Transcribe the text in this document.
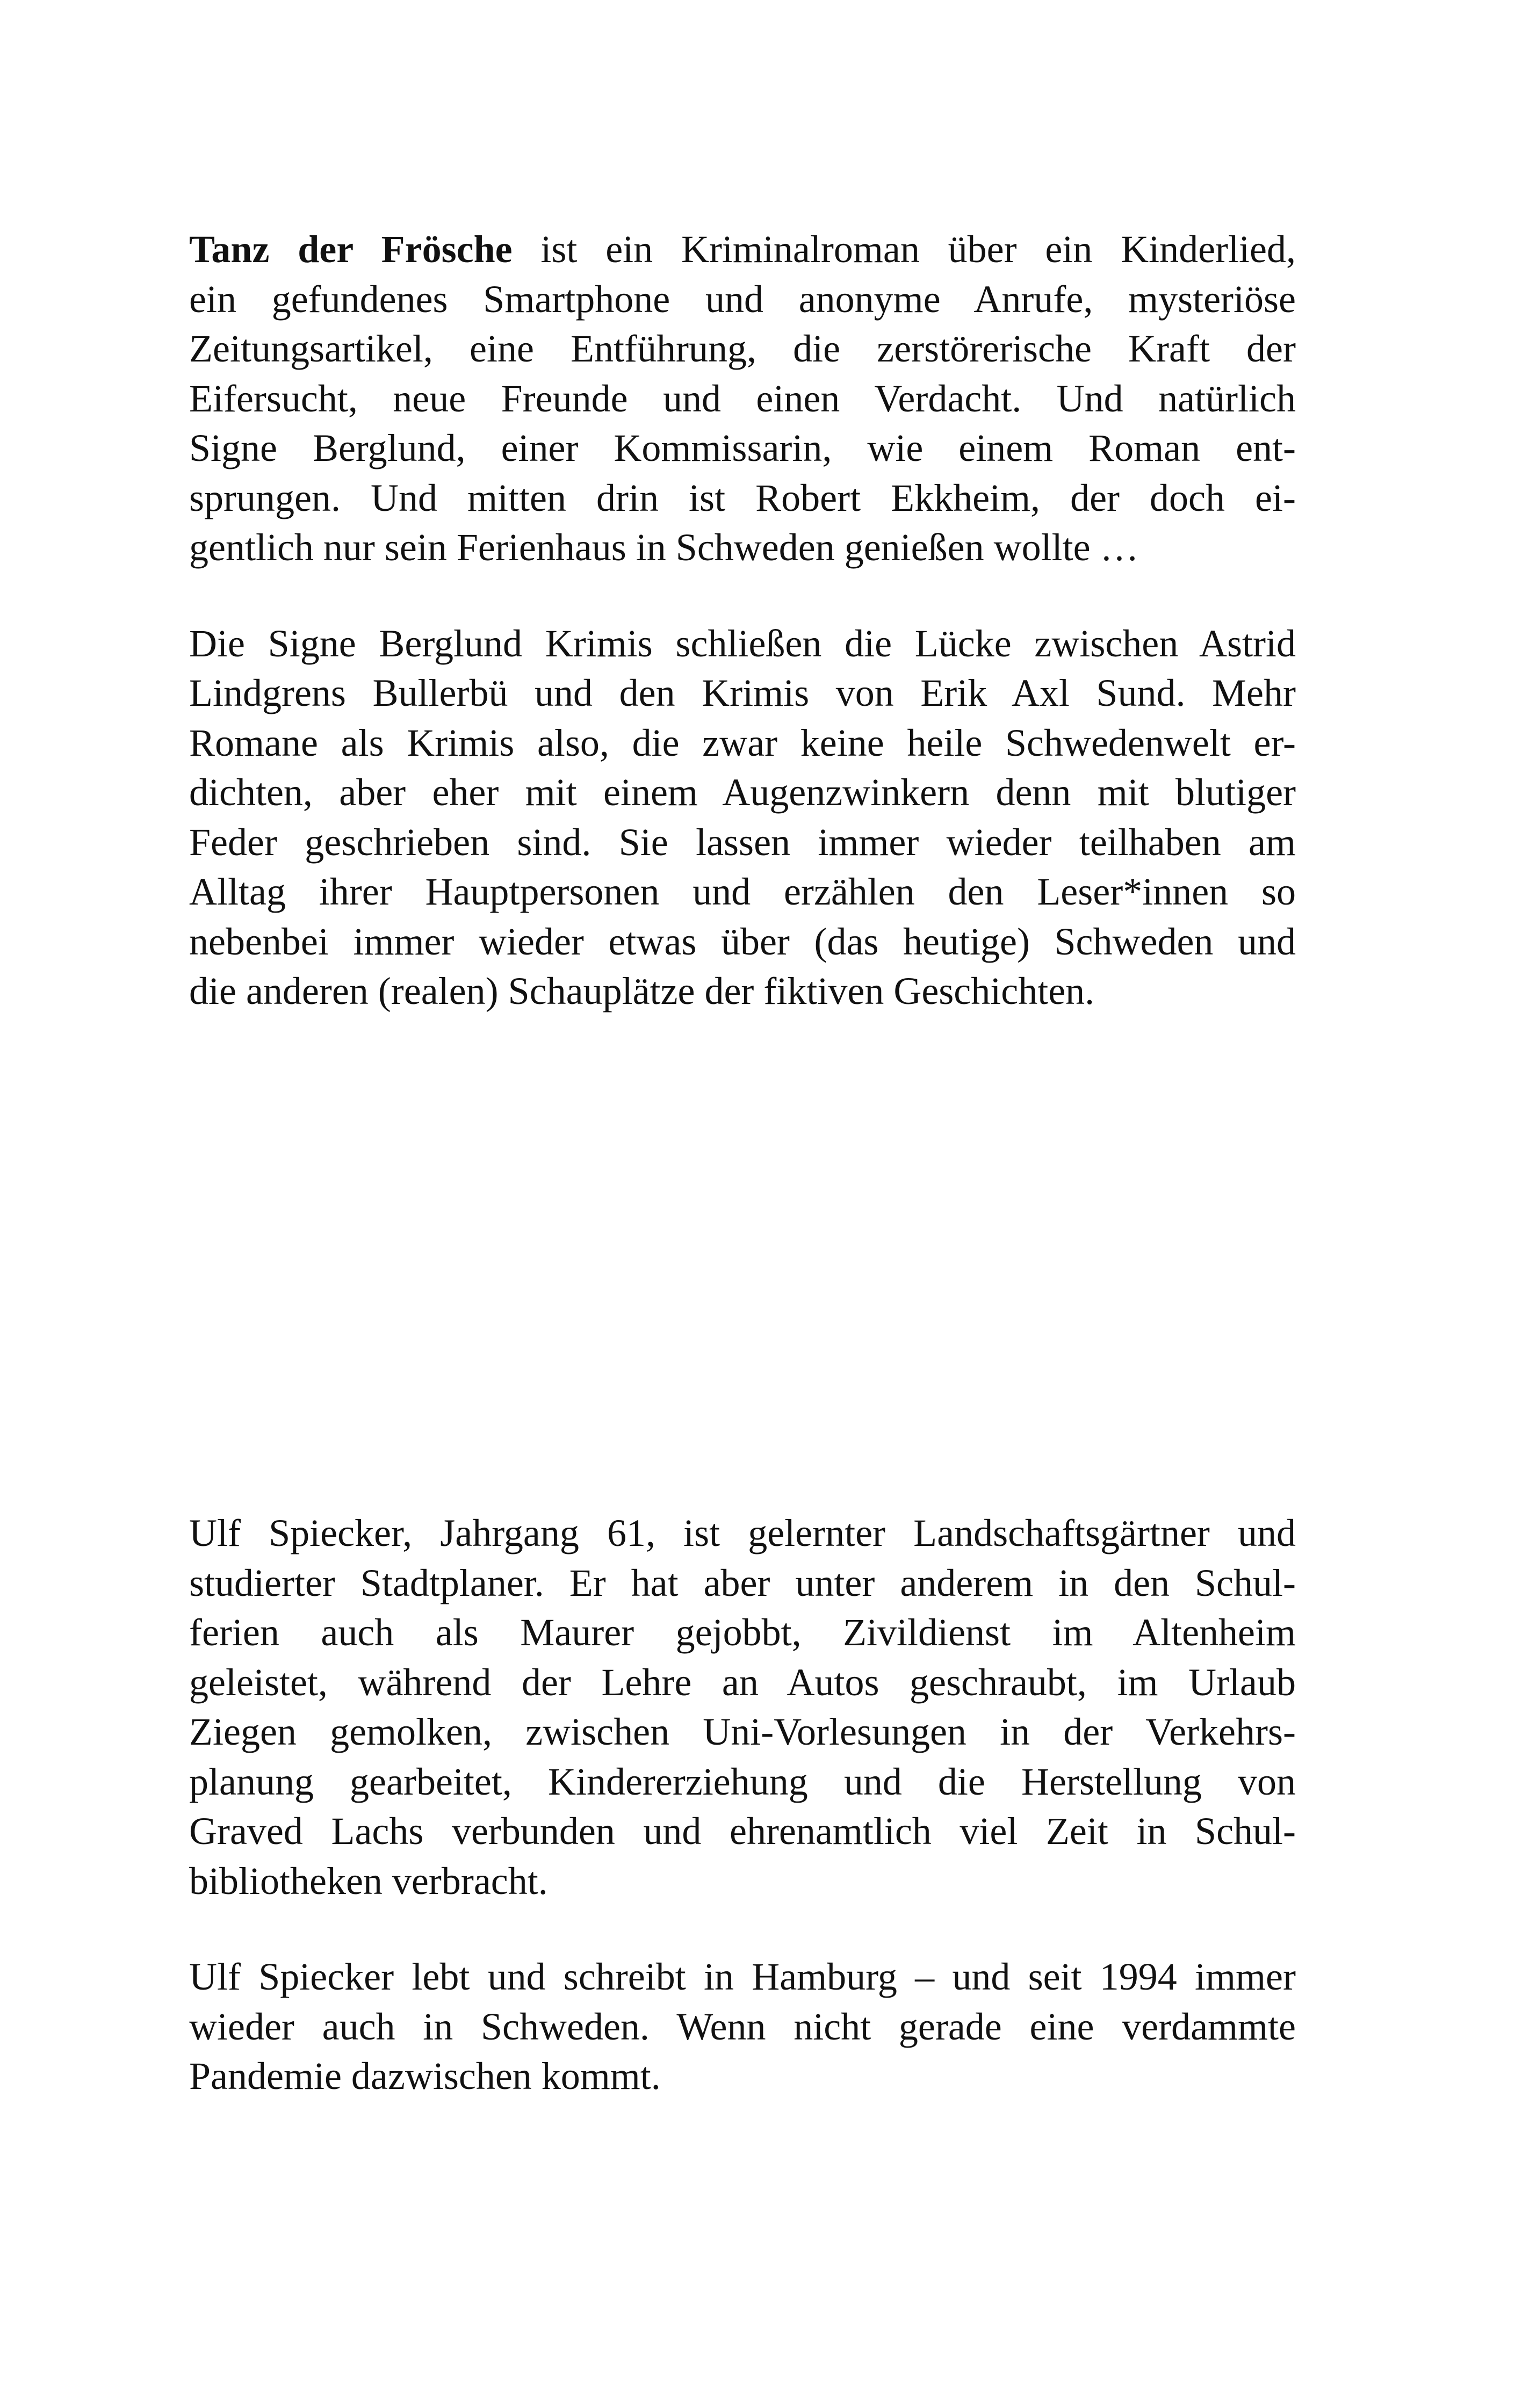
Tanz der Frösche ist ein Kriminalroman über ein Kinderlied,
ein gefundenes Smartphone und anonyme Anrufe, mysteriöse
Zeitungsartikel, eine Entführung, die zerstörerische Kraft der
Eifersucht, neue Freunde und einen Verdacht. Und natürlich
Signe Berglund, einer Kommissarin, wie einem Roman ent-
sprungen. Und mitten drin ist Robert Ekkheim, der doch ei-
gentlich nur sein Ferienhaus in Schweden genießen wollte …

Die Signe Berglund Krimis schließen die Lücke zwischen Astrid
Lindgrens Bullerbü und den Krimis von Erik Axl Sund. Mehr
Romane als Krimis also, die zwar keine heile Schwedenwelt er-
dichten, aber eher mit einem Augenzwinkern denn mit blutiger
Feder geschrieben sind. Sie lassen immer wieder teilhaben am
Alltag ihrer Hauptpersonen und erzählen den Leser*innen so
nebenbei immer wieder etwas über (das heutige) Schweden und
die anderen (realen) Schauplätze der fiktiven Geschichten.

Ulf Spiecker, Jahrgang 61, ist gelernter Landschaftsgärtner und
studierter Stadtplaner. Er hat aber unter anderem in den Schul-
ferien auch als Maurer gejobbt, Zivildienst im Altenheim
geleistet, während der Lehre an Autos geschraubt, im Urlaub
Ziegen gemolken, zwischen Uni-Vorlesungen in der Verkehrs-
planung gearbeitet, Kindererziehung und die Herstellung von
Graved Lachs verbunden und ehrenamtlich viel Zeit in Schul-
bibliotheken verbracht.

Ulf Spiecker lebt und schreibt in Hamburg – und seit 1994 immer
wieder auch in Schweden. Wenn nicht gerade eine verdammte
Pandemie dazwischen kommt.
